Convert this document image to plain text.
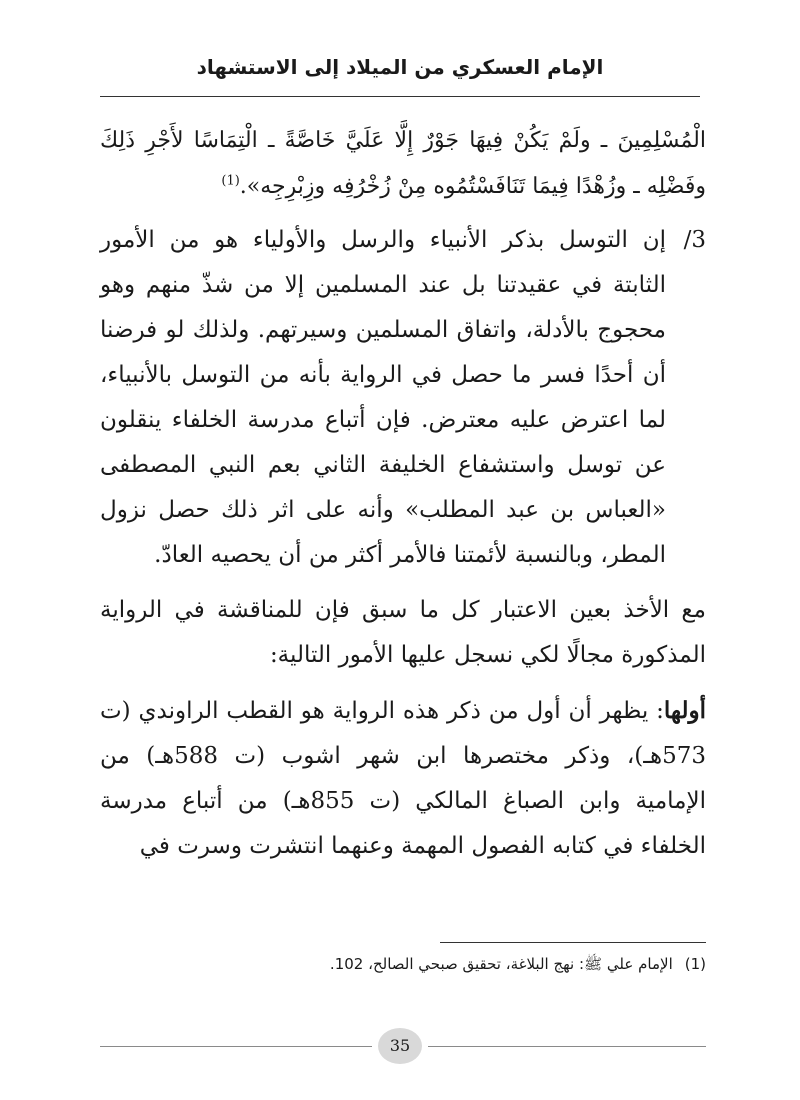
الإمام العسكري من الميلاد إلى الاستشهاد

الْمُسْلِمِينَ ـ ولَمْ يَكُنْ فِيهَا جَوْرٌ إِلَّا عَلَيَّ خَاصَّةً ـ الْتِمَاسًا لأَجْرِ ذَلِكَ وفَضْلِه ـ وزُهْدًا فِيمَا تَنَافَسْتُمُوه مِنْ زُخْرُفِه وزِبْرِجِه».$^{(1)}$

3/

إن التوسل بذكر الأنبياء والرسل والأولياء هو من الأمور الثابتة في عقيدتنا بل عند المسلمين إلا من شذّ منهم وهو محجوج بالأدلة، واتفاق المسلمين وسيرتهم. ولذلك لو فرضنا أن أحدًا فسر ما حصل في الرواية بأنه من التوسل بالأنبياء، لما اعترض عليه معترض. فإن أتباع مدرسة الخلفاء ينقلون عن توسل واستشفاع الخليفة الثاني بعم النبي المصطفى «العباس بن عبد المطلب» وأنه على اثر ذلك حصل نزول المطر، وبالنسبة لأئمتنا فالأمر أكثر من أن يحصيه العادّ.

مع الأخذ بعين الاعتبار كل ما سبق فإن للمناقشة في الرواية المذكورة مجالًا لكي نسجل عليها الأمور التالية:

أولها: يظهر أن أول من ذكر هذه الرواية هو القطب الراوندي (ت 573هـ)، وذكر مختصرها ابن شهر اشوب (ت 588هـ) من الإمامية وابن الصباغ المالكي (ت 855هـ) من أتباع مدرسة الخلفاء في كتابه الفصول المهمة وعنهما انتشرت وسرت في

(1)الإمام علي ﷺ: نهج البلاغة، تحقيق صبحي الصالح، 102.
35
